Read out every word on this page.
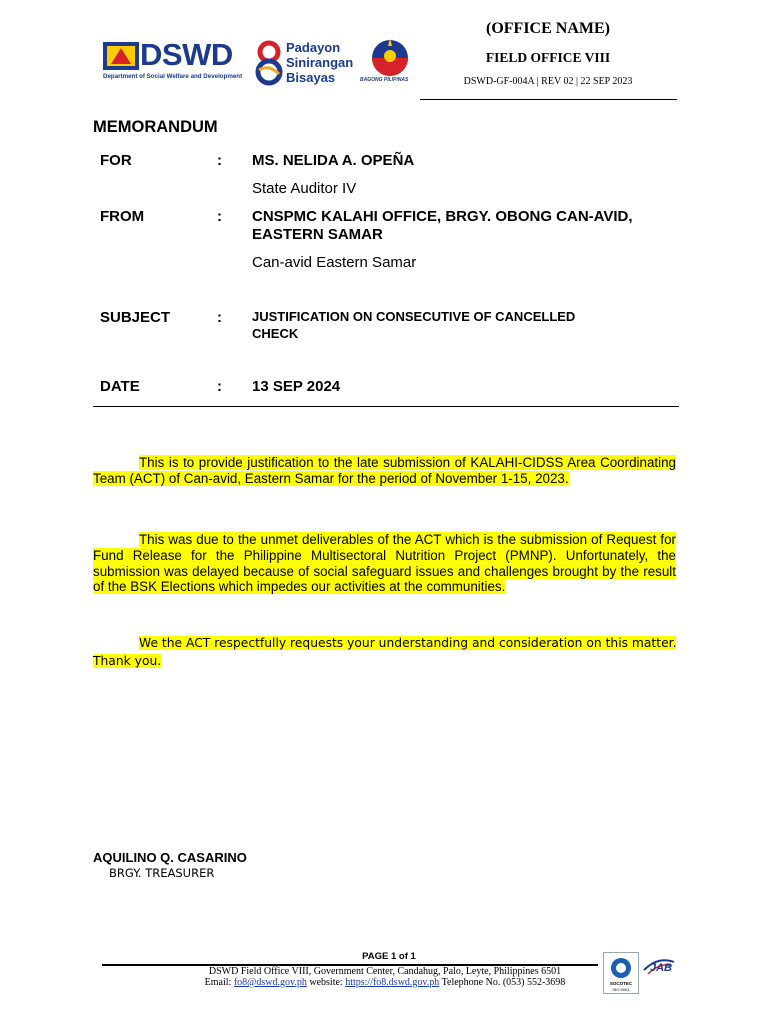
DSWD
Department of Social Welfare and Development
Padayon
Sinirangan
Bisayas	BAGONG PILIPINAS
(OFFICE NAME)
FIELD OFFICE VIII
DSWD-GF-004A | REV 02 | 22 SEP 2023
MEMORANDUM
FOR	: MS. NELIDA A. OPEÑA
State Auditor IV
FROM	: CNSPMC KALAHI OFFICE, BRGY. OBONG CAN-AVID,
EASTERN SAMAR
Can-avid Eastern Samar
SUBJECT	: JUSTIFICATION ON CONSECUTIVE OF CANCELLED
CHECK
DATE	: 13 SEP 2024
This is to provide justification to the late submission of KALAHI-CIDSS Area Coordinating Team (ACT) of Can-avid, Eastern Samar for the period of November 1-15, 2023.
This was due to the unmet deliverables of the ACT which is the submission of Request for Fund Release for the Philippine Multisectoral Nutrition Project (PMNP). Unfortunately, the submission was delayed because of social safeguard issues and challenges brought by the result of the BSK Elections which impedes our activities at the communities.
We the ACT respectfully requests your understanding and consideration on this matter.
Thank you.
AQUILINO Q. CASARINO
BRGY. TREASURER
PAGE 1 of 1
DSWD Field Office VIII, Government Center, Candahug, Palo, Leyte, Philippines 6501
Email: fo8@dswd.gov.ph website: https://fo8.dswd.gov.ph Telephone No. (053) 552-3698	SOCOTEC
ISO 9001
JAB
